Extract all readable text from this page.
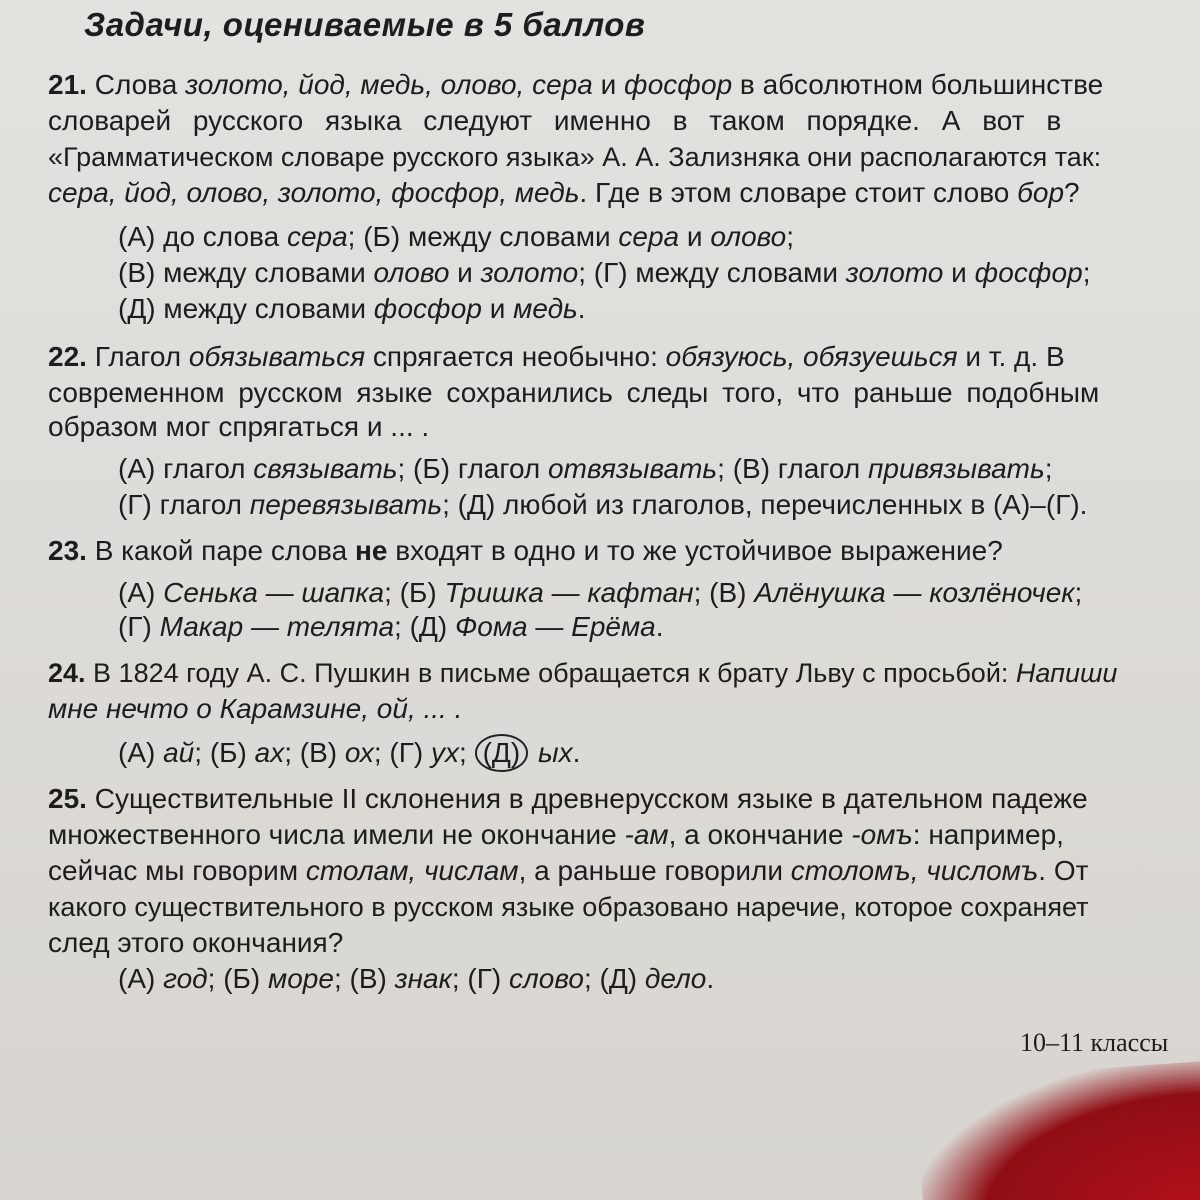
Задачи, оцениваемые в 5 баллов
21. Слова золото, йод, медь, олово, сера и фосфор в абсолютном большинстве
словарей русского языка следуют именно в таком порядке. А вот в
«Грамматическом словаре русского языка» А. А. Зализняка они располагаются так:
сера, йод, олово, золото, фосфор, медь. Где в этом словаре стоит слово бор?
(А) до слова сера; (Б) между словами сера и олово;
(В) между словами олово и золото; (Г) между словами золото и фосфор;
(Д) между словами фосфор и медь.
22. Глагол обязываться спрягается необычно: обязуюсь, обязуешься и т. д. В
современном русском языке сохранились следы того, что раньше подобным
образом мог спрягаться и ... .
(А) глагол связывать; (Б) глагол отвязывать; (В) глагол привязывать;
(Г) глагол перевязывать; (Д) любой из глаголов, перечисленных в (А)–(Г).
23. В какой паре слова не входят в одно и то же устойчивое выражение?
(А) Сенька — шапка; (Б) Тришка — кафтан; (В) Алёнушка — козлёночек;
(Г) Макар — телята; (Д) Фома — Ерёма.
24. В 1824 году А. С. Пушкин в письме обращается к брату Льву с просьбой: Напиши
мне нечто о Карамзине, ой, ... .
(А) ай; (Б) ах; (В) ох; (Г) ух; (Д) ых.
25. Существительные II склонения в древнерусском языке в дательном падеже
множественного числа имели не окончание -ам, а окончание -омъ: например,
сейчас мы говорим столам, числам, а раньше говорили столомъ, числомъ. От
какого существительного в русском языке образовано наречие, которое сохраняет
след этого окончания?
(А) год; (Б) море; (В) знак; (Г) слово; (Д) дело.
10–11 классы
